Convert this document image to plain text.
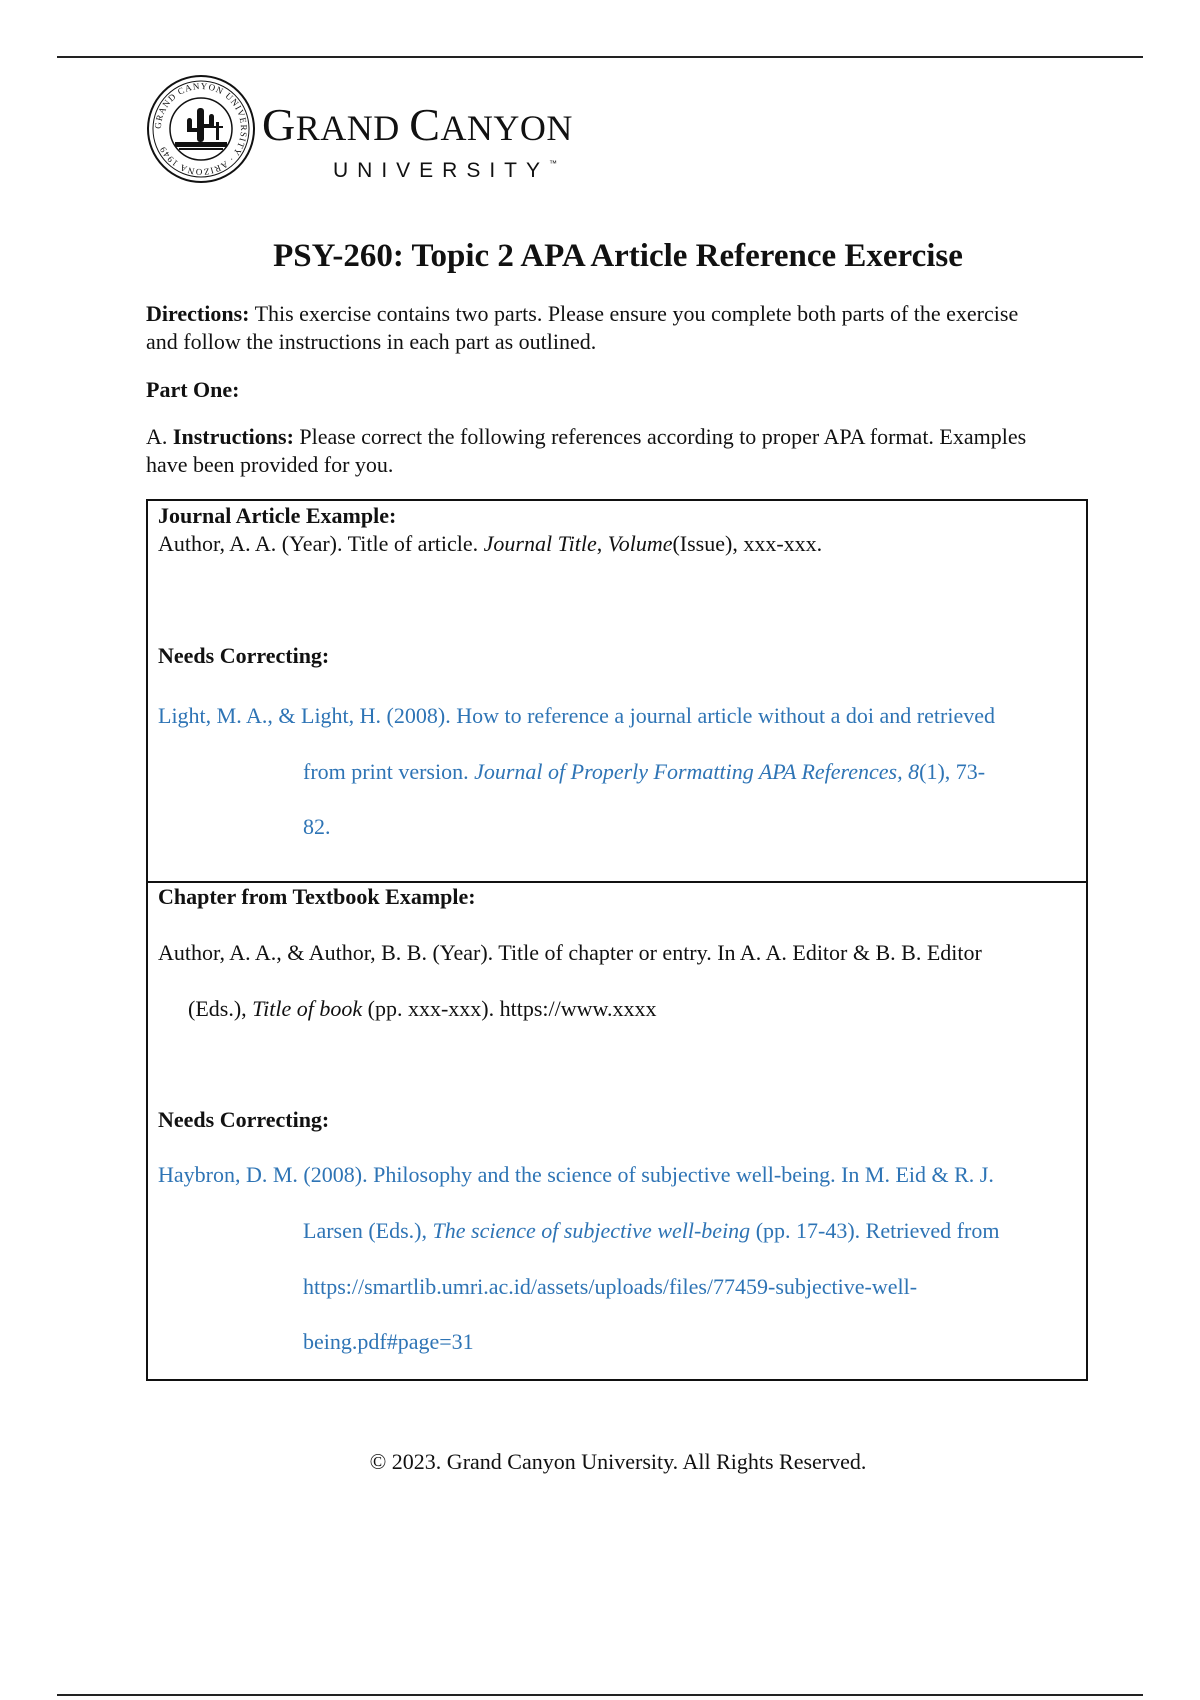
GRAND CANYON UNIVERSITY · ARIZONA 1949	GRAND CANYON
UNIVERSITY™
PSY-260: Topic 2 APA Article Reference Exercise
Directions: This exercise contains two parts. Please ensure you complete both parts of the exercise and follow the instructions in each part as outlined.
Part One:
A. Instructions: Please correct the following references according to proper APA format. Examples have been provided for you.
Journal Article Example:
Author, A. A. (Year). Title of article. Journal Title, Volume(Issue), xxx-xxx.
Needs Correcting:
Light, M. A., & Light, H. (2008). How to reference a journal article without a doi and retrieved
from print version. Journal of Properly Formatting APA References, 8(1), 73-
82.
Chapter from Textbook Example:
Author, A. A., & Author, B. B. (Year). Title of chapter or entry. In A. A. Editor & B. B. Editor
(Eds.), Title of book (pp. xxx-xxx). https://www.xxxx
Needs Correcting:
Haybron, D. M. (2008). Philosophy and the science of subjective well-being. In M. Eid & R. J.
Larsen (Eds.), The science of subjective well-being (pp. 17-43). Retrieved from
https://smartlib.umri.ac.id/assets/uploads/files/77459-subjective-well-
being.pdf#page=31
© 2023. Grand Canyon University. All Rights Reserved.
